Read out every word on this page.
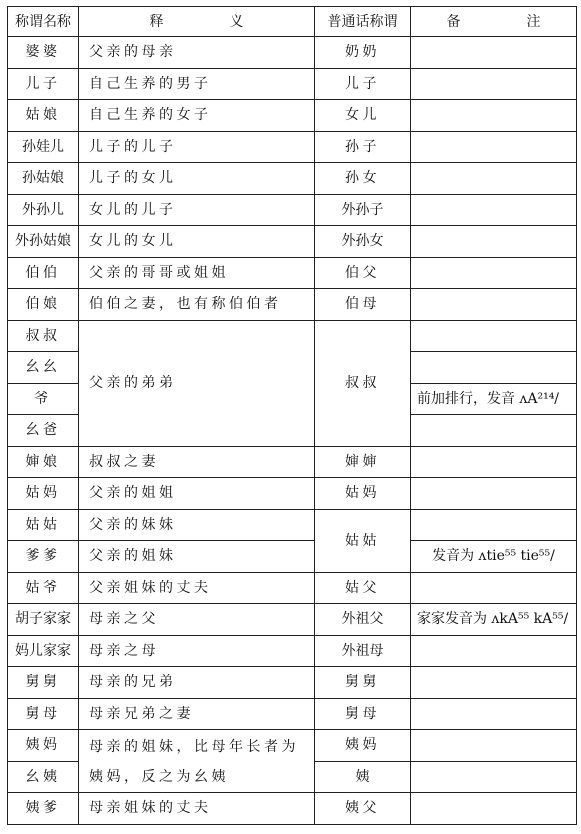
称谓名称	释 义	普通话称谓	备 注
婆婆	父亲的母亲	奶奶	
儿子	自己生养的男子	儿子	
姑娘	自己生养的女子	女儿	
孙娃儿	儿子的儿子	孙子	
孙姑娘	儿子的女儿	孙女	
外孙儿	女儿的儿子	外孙子	
外孙姑娘	女儿的女儿	外孙女	
伯伯	父亲的哥哥或姐姐	伯父	
伯娘	伯伯之妻，也有称伯伯者	伯母	
叔叔	父亲的弟弟	叔叔	
幺幺			
爷			前加排行，发音 ʌA²¹⁴/
幺爸			
婶娘	叔叔之妻	婶婶	
姑妈	父亲的姐姐	姑妈	
姑姑	父亲的妹妹	姑姑	
爹爹	父亲的姐妹		发音为 ʌtie⁵⁵ tie⁵⁵/
姑爷	父亲姐妹的丈夫	姑父	
胡子家家	母亲之父	外祖父	家家发音为 ʌkA⁵⁵ kA⁵⁵/
妈儿家家	母亲之母	外祖母	
舅舅	母亲的兄弟	舅舅	
舅母	母亲兄弟之妻	舅母	
姨妈	母亲的姐妹，比母年长者为姨妈，反之为幺姨	姨妈	
幺姨		姨	
姨爹	母亲姐妹的丈夫	姨父	
